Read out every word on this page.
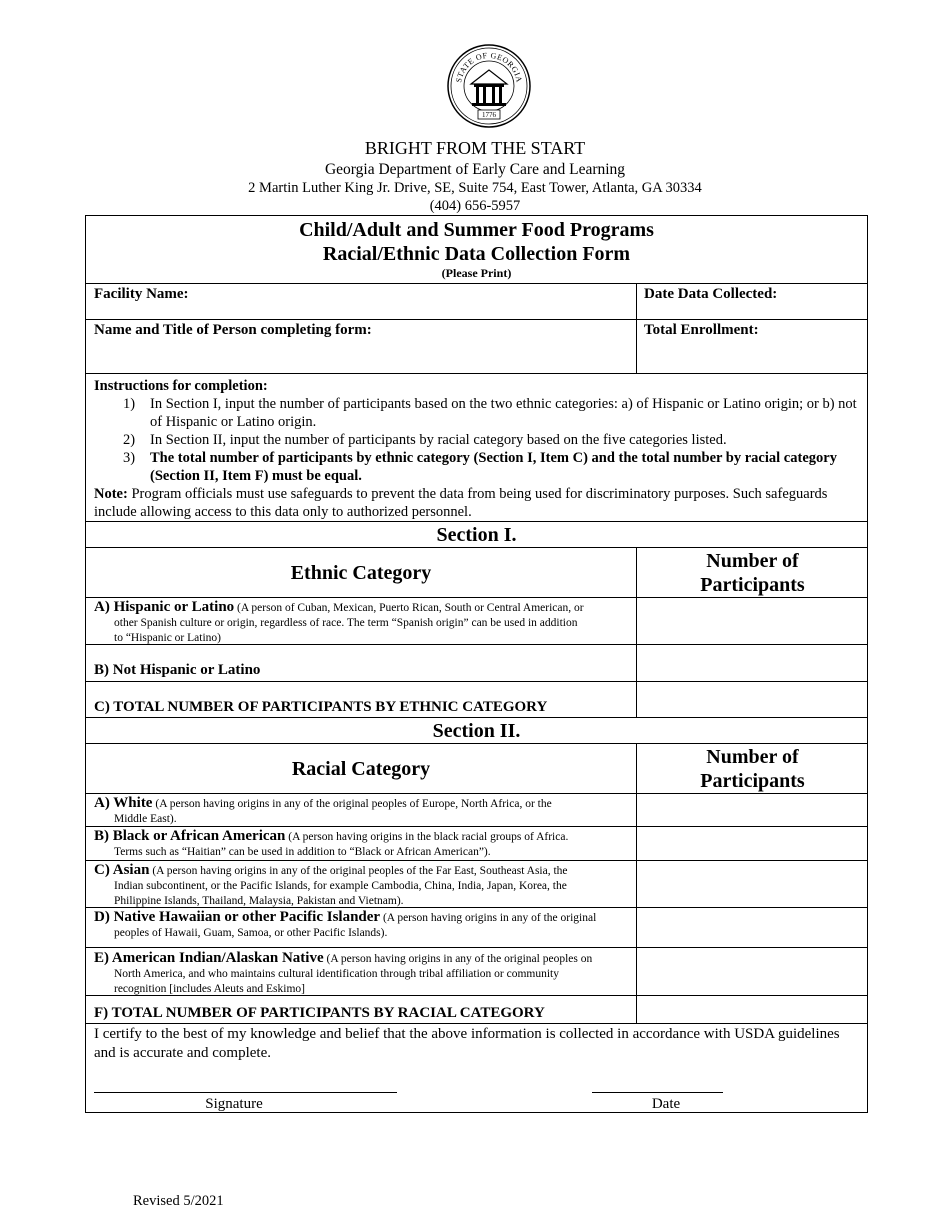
STATE OF GEORGIA
1776
BRIGHT FROM THE START
Georgia Department of Early Care and Learning
2 Martin Luther King Jr. Drive, SE, Suite 754, East Tower, Atlanta, GA 30334
(404) 656-5957
Child/Adult and Summer Food Programs
Racial/Ethnic Data Collection Form
(Please Print)
Facility Name:	Date Data Collected:
Name and Title of Person completing form:	Total Enrollment:
Instructions for completion:
1)	In Section I, input the number of participants based on the two ethnic categories: a) of Hispanic or Latino origin; or b) not of Hispanic or Latino origin.
2)	In Section II, input the number of participants by racial category based on the five categories listed.
3)	The total number of participants by ethnic category (Section I, Item C) and the total number by racial category (Section II, Item F) must be equal.
Note: Program officials must use safeguards to prevent the data from being used for discriminatory purposes. Such safeguards include allowing access to this data only to authorized personnel.
Section I.
Ethnic Category
Number of
Participants
A) Hispanic or Latino (A person of Cuban, Mexican, Puerto Rican, South or Central American, or
other Spanish culture or origin, regardless of race. The term “Spanish origin” can be used in addition
to “Hispanic or Latino)
B) Not Hispanic or Latino
C) TOTAL NUMBER OF PARTICIPANTS BY ETHNIC CATEGORY
Section II.
Racial Category
Number of
Participants
A) White (A person having origins in any of the original peoples of Europe, North Africa, or the
Middle East).
B) Black or African American (A person having origins in the black racial groups of Africa.
Terms such as “Haitian” can be used in addition to “Black or African American”).
C) Asian (A person having origins in any of the original peoples of the Far East, Southeast Asia, the
Indian subcontinent, or the Pacific Islands, for example Cambodia, China, India, Japan, Korea, the
Philippine Islands, Thailand, Malaysia, Pakistan and Vietnam).
D) Native Hawaiian or other Pacific Islander (A person having origins in any of the original
peoples of Hawaii, Guam, Samoa, or other Pacific Islands).
E) American Indian/Alaskan Native (A person having origins in any of the original peoples on
North America, and who maintains cultural identification through tribal affiliation or community
recognition [includes Aleuts and Eskimo]
F) TOTAL NUMBER OF PARTICIPANTS BY RACIAL CATEGORY
I certify to the best of my knowledge and belief that the above information is collected in accordance with USDA guidelines and is accurate and complete.
Signature	Date
Revised 5/2021
